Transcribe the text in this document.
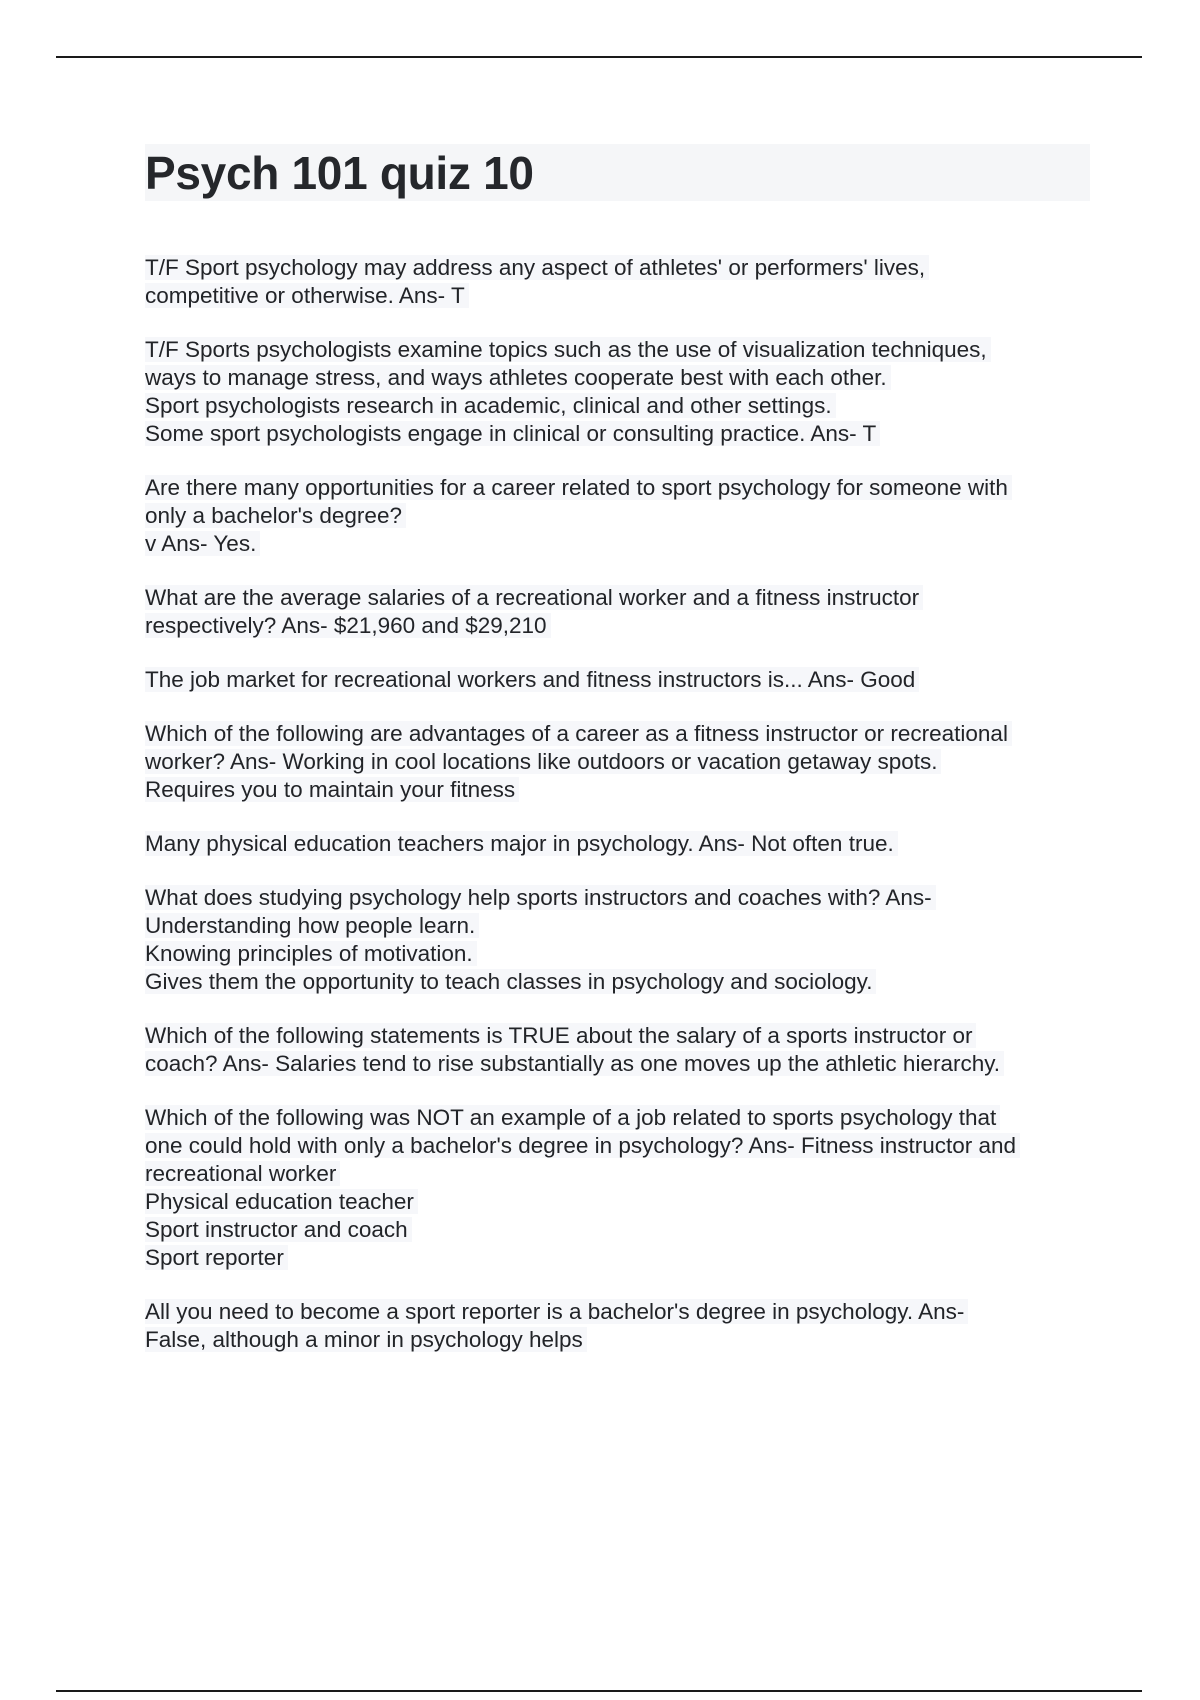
Psych 101 quiz 10
T/F Sport psychology may address any aspect of athletes' or performers' lives,
competitive or otherwise. Ans- T
T/F Sports psychologists examine topics such as the use of visualization techniques,
ways to manage stress, and ways athletes cooperate best with each other.
Sport psychologists research in academic, clinical and other settings.
Some sport psychologists engage in clinical or consulting practice. Ans- T
Are there many opportunities for a career related to sport psychology for someone with
only a bachelor's degree?
v Ans- Yes.
What are the average salaries of a recreational worker and a fitness instructor
respectively? Ans- $21,960 and $29,210
The job market for recreational workers and fitness instructors is... Ans- Good
Which of the following are advantages of a career as a fitness instructor or recreational
worker? Ans- Working in cool locations like outdoors or vacation getaway spots.
Requires you to maintain your fitness
Many physical education teachers major in psychology. Ans- Not often true.
What does studying psychology help sports instructors and coaches with? Ans-
Understanding how people learn.
Knowing principles of motivation.
Gives them the opportunity to teach classes in psychology and sociology.
Which of the following statements is TRUE about the salary of a sports instructor or
coach? Ans- Salaries tend to rise substantially as one moves up the athletic hierarchy.
Which of the following was NOT an example of a job related to sports psychology that
one could hold with only a bachelor's degree in psychology? Ans- Fitness instructor and
recreational worker
Physical education teacher
Sport instructor and coach
Sport reporter
All you need to become a sport reporter is a bachelor's degree in psychology. Ans-
False, although a minor in psychology helps
